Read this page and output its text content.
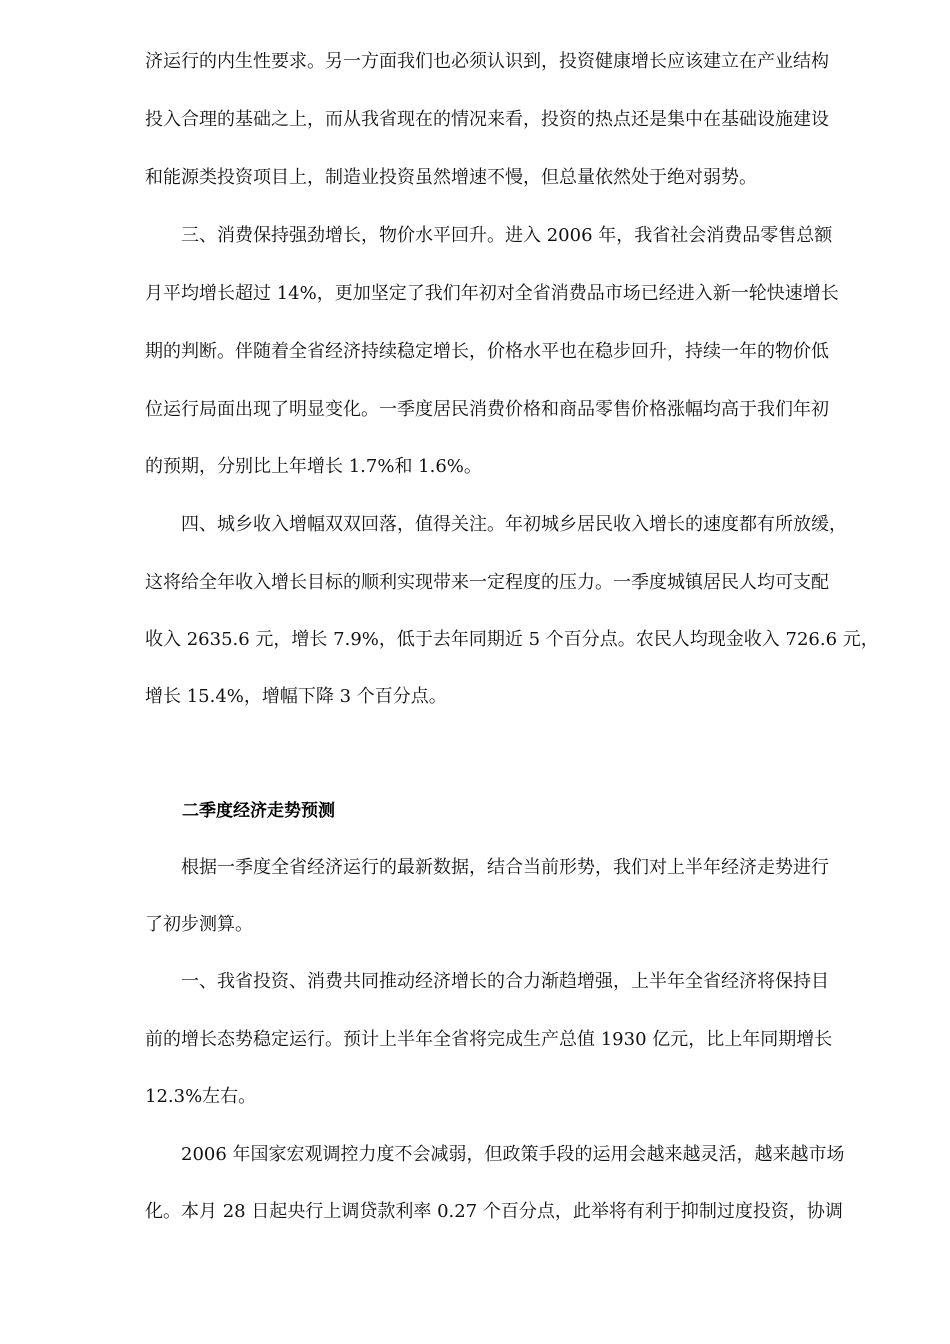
济运行的内生性要求。另一方面我们也必须认识到，投资健康增长应该建立在产业结构
投入合理的基础之上，而从我省现在的情况来看，投资的热点还是集中在基础设施建设
和能源类投资项目上，制造业投资虽然增速不慢，但总量依然处于绝对弱势。
　　三、消费保持强劲增长，物价水平回升。进入 2006 年，我省社会消费品零售总额
月平均增长超过 14%，更加坚定了我们年初对全省消费品市场已经进入新一轮快速增长
期的判断。伴随着全省经济持续稳定增长，价格水平也在稳步回升，持续一年的物价低
位运行局面出现了明显变化。一季度居民消费价格和商品零售价格涨幅均高于我们年初
的预期，分别比上年增长 1.7%和 1.6%。
　　四、城乡收入增幅双双回落，值得关注。年初城乡居民收入增长的速度都有所放缓，
这将给全年收入增长目标的顺利实现带来一定程度的压力。一季度城镇居民人均可支配
收入 2635.6 元，增长 7.9%，低于去年同期近 5 个百分点。农民人均现金收入 726.6 元，
增长 15.4%，增幅下降 3 个百分点。
二季度经济走势预测
　　根据一季度全省经济运行的最新数据，结合当前形势，我们对上半年经济走势进行
了初步测算。
　　一、我省投资、消费共同推动经济增长的合力渐趋增强，上半年全省经济将保持目
前的增长态势稳定运行。预计上半年全省将完成生产总值 1930 亿元，比上年同期增长
12.3%左右。
　　2006 年国家宏观调控力度不会减弱，但政策手段的运用会越来越灵活，越来越市场
化。本月 28 日起央行上调贷款利率 0.27 个百分点，此举将有利于抑制过度投资，协调
